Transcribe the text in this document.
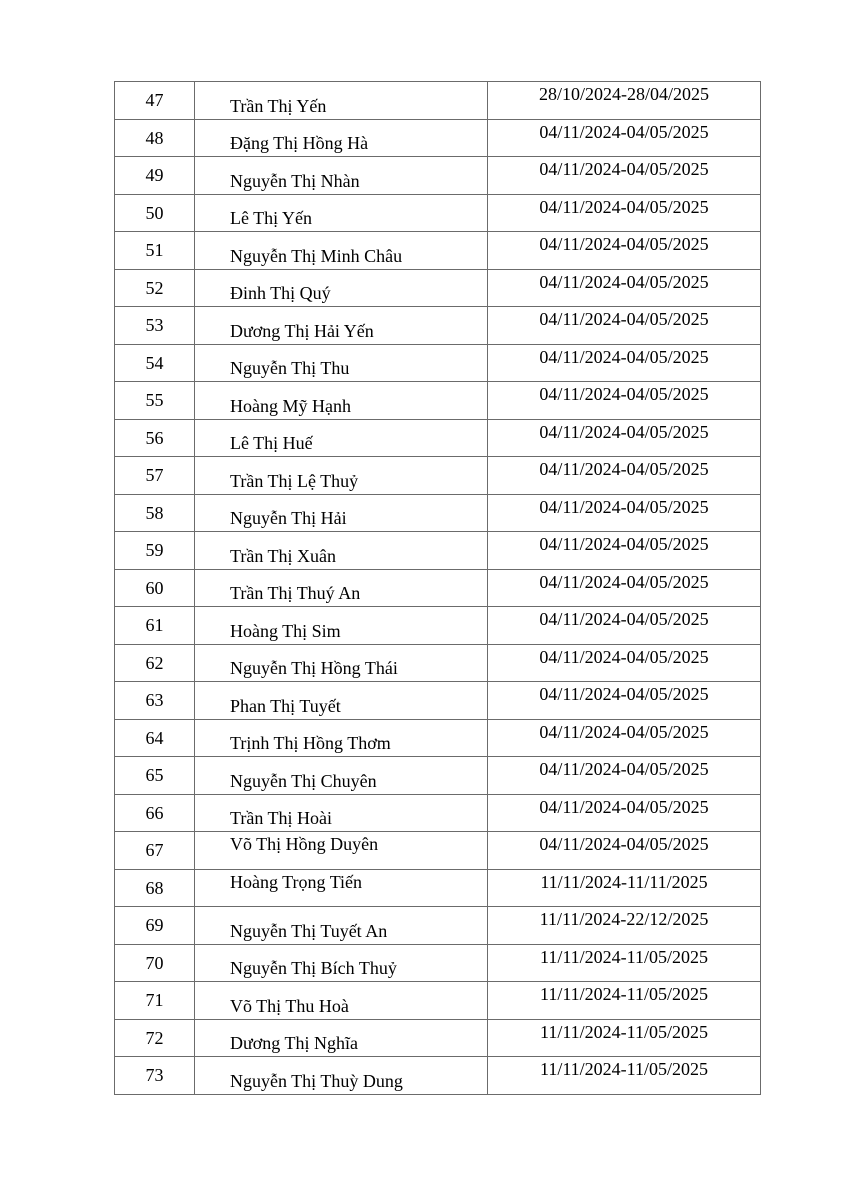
47	Trần Thị Yến	28/10/2024-28/04/2025
48	Đặng Thị Hồng Hà	04/11/2024-04/05/2025
49	Nguyễn Thị Nhàn	04/11/2024-04/05/2025
50	Lê Thị Yến	04/11/2024-04/05/2025
51	Nguyễn Thị Minh Châu	04/11/2024-04/05/2025
52	Đinh Thị Quý	04/11/2024-04/05/2025
53	Dương Thị Hải Yến	04/11/2024-04/05/2025
54	Nguyễn Thị Thu	04/11/2024-04/05/2025
55	Hoàng Mỹ Hạnh	04/11/2024-04/05/2025
56	Lê Thị Huế	04/11/2024-04/05/2025
57	Trần Thị Lệ Thuỷ	04/11/2024-04/05/2025
58	Nguyễn Thị Hải	04/11/2024-04/05/2025
59	Trần Thị Xuân	04/11/2024-04/05/2025
60	Trần Thị Thuý An	04/11/2024-04/05/2025
61	Hoàng Thị Sim	04/11/2024-04/05/2025
62	Nguyễn Thị Hồng Thái	04/11/2024-04/05/2025
63	Phan Thị Tuyết	04/11/2024-04/05/2025
64	Trịnh Thị Hồng Thơm	04/11/2024-04/05/2025
65	Nguyễn Thị Chuyên	04/11/2024-04/05/2025
66	Trần Thị Hoài	04/11/2024-04/05/2025
67	Võ Thị Hồng Duyên	04/11/2024-04/05/2025
68	Hoàng Trọng Tiến	11/11/2024-11/11/2025
69	Nguyễn Thị Tuyết An	11/11/2024-22/12/2025
70	Nguyễn Thị Bích Thuỷ	11/11/2024-11/05/2025
71	Võ Thị Thu Hoà	11/11/2024-11/05/2025
72	Dương Thị Nghĩa	11/11/2024-11/05/2025
73	Nguyễn Thị Thuỳ Dung	11/11/2024-11/05/2025
